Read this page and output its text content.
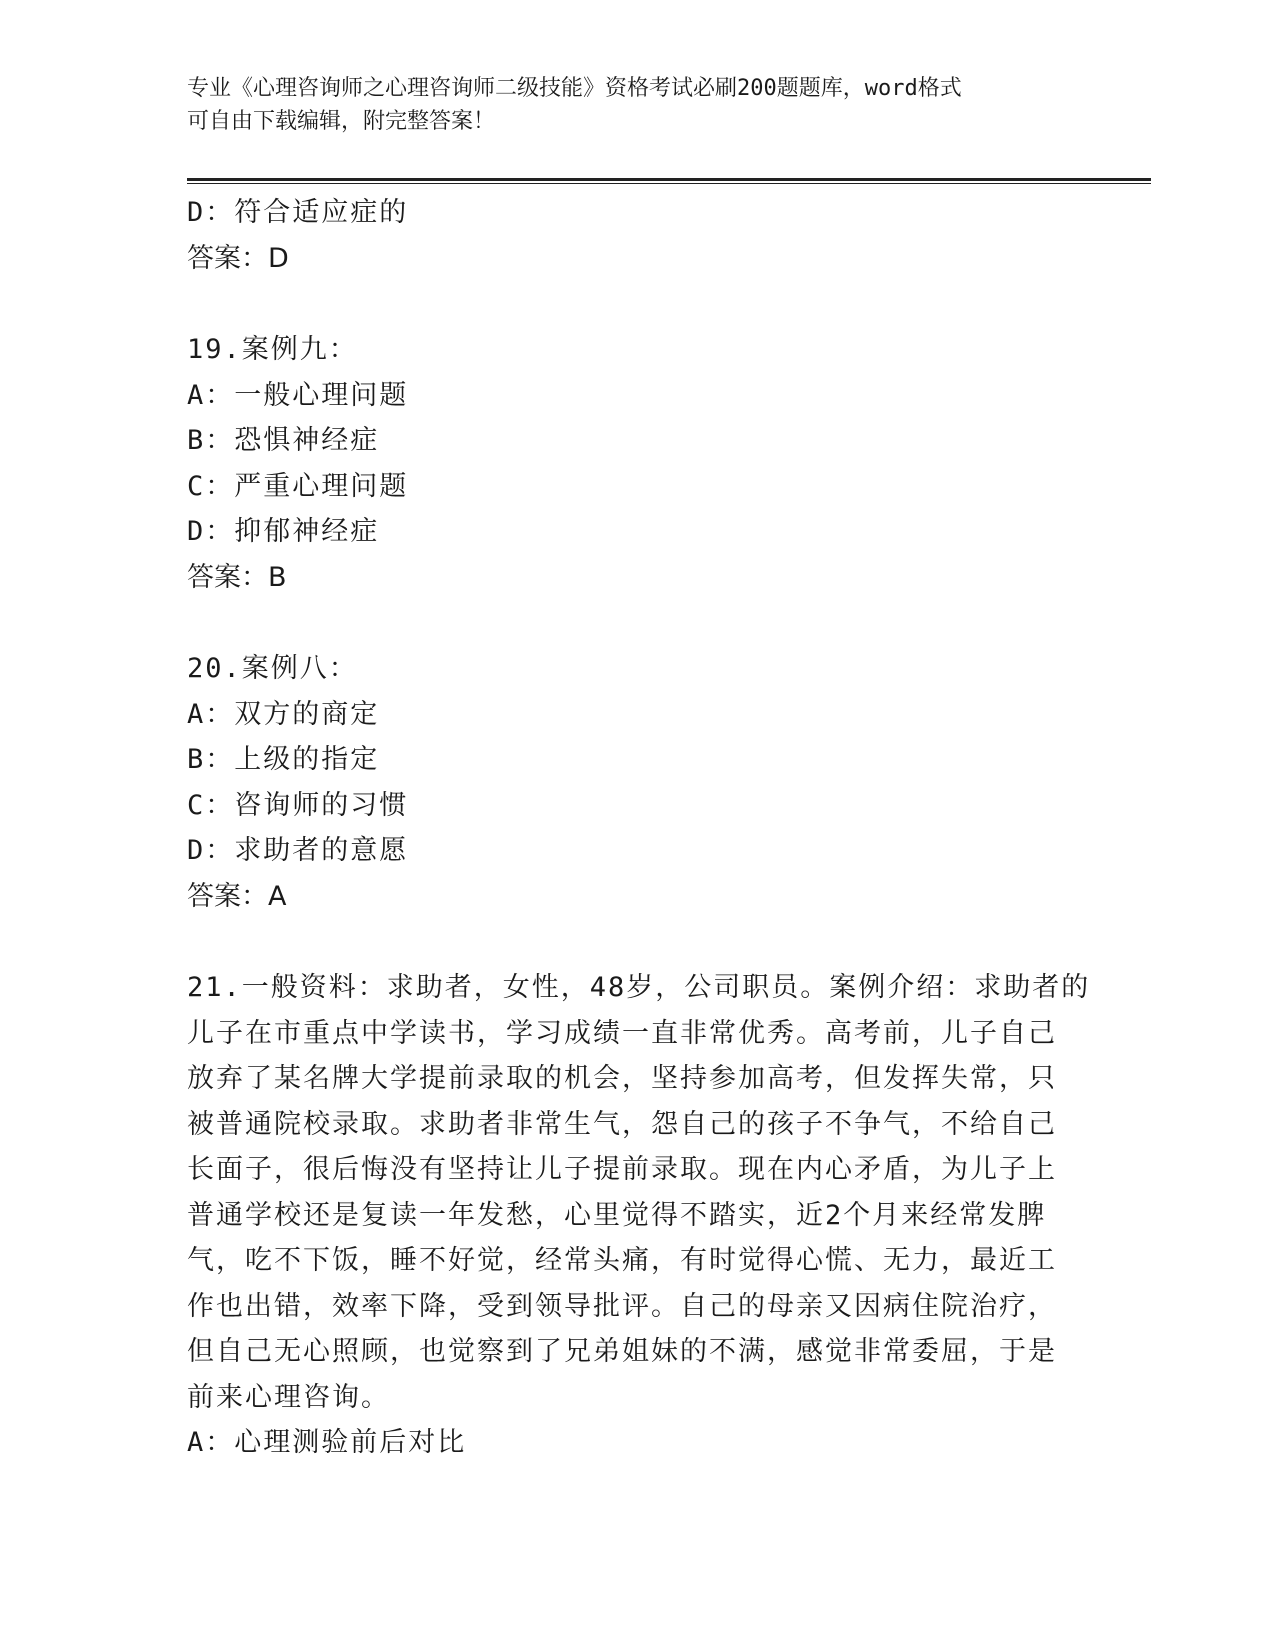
专业《心理咨询师之心理咨询师二级技能》资格考试必刷200题题库，word格式
可自由下载编辑，附完整答案！
D：符合适应症的
答案：D
19.案例九：
A：一般心理问题
B：恐惧神经症
C：严重心理问题
D：抑郁神经症
答案：B
20.案例八：
A：双方的商定
B：上级的指定
C：咨询师的习惯
D：求助者的意愿
答案：A
21.一般资料：求助者，女性，48岁，公司职员。案例介绍：求助者的
儿子在市重点中学读书，学习成绩一直非常优秀。高考前，儿子自己
放弃了某名牌大学提前录取的机会，坚持参加高考，但发挥失常，只
被普通院校录取。求助者非常生气，怨自己的孩子不争气，不给自己
长面子，很后悔没有坚持让儿子提前录取。现在内心矛盾，为儿子上
普通学校还是复读一年发愁，心里觉得不踏实，近2个月来经常发脾
气，吃不下饭，睡不好觉，经常头痛，有时觉得心慌、无力，最近工
作也出错，效率下降，受到领导批评。自己的母亲又因病住院治疗，
但自己无心照顾，也觉察到了兄弟姐妹的不满，感觉非常委屈，于是
前来心理咨询。
A：心理测验前后对比
